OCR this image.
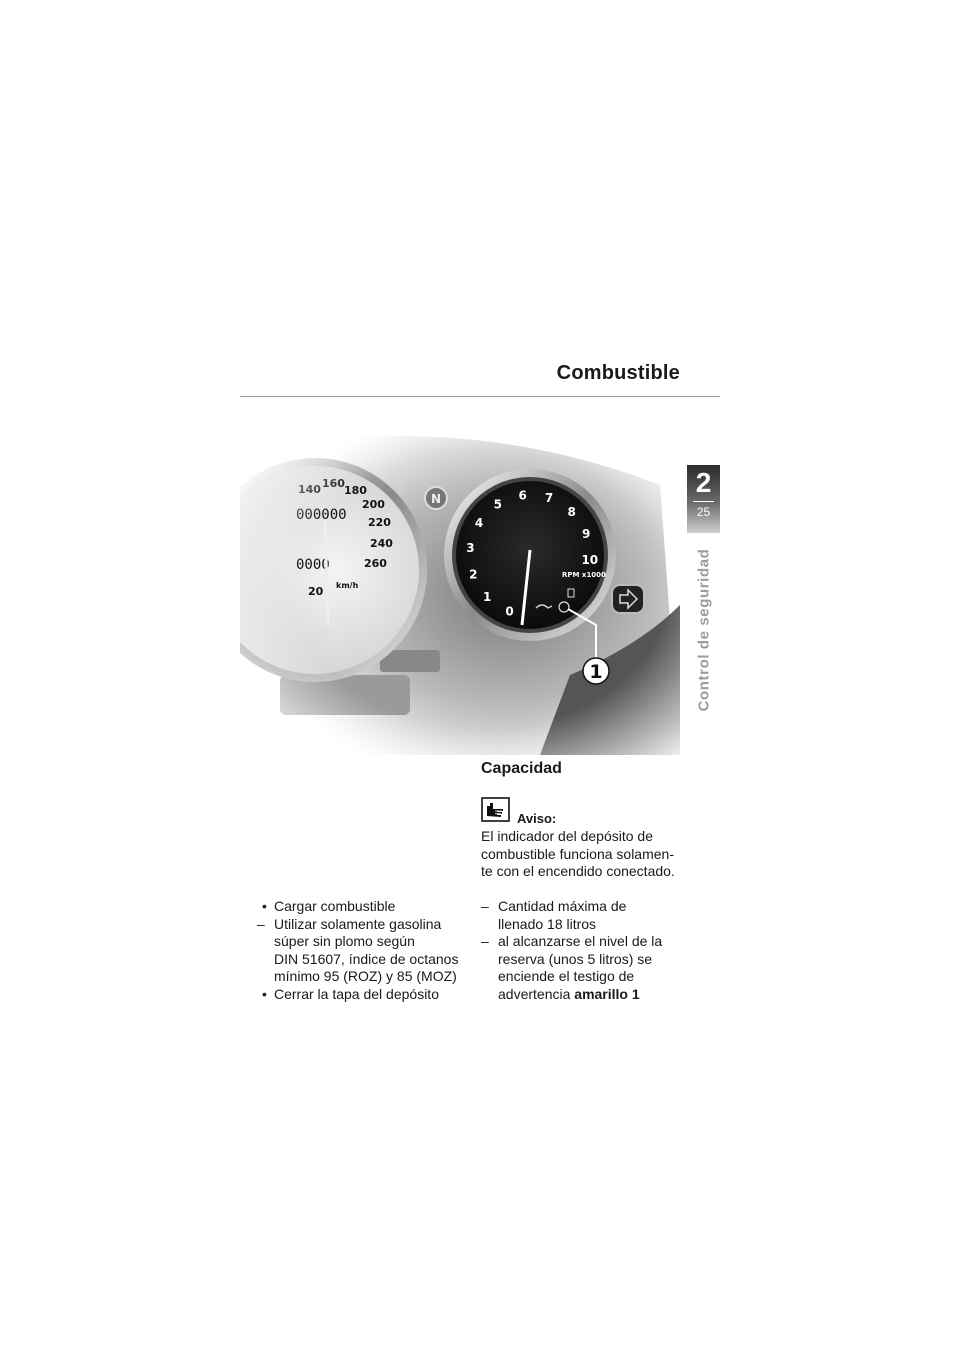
Combustible
2
25
Control de seguridad
1
Capacidad
Aviso:
El indicador del depósito de
combustible funciona solamen-
te con el encendido conectado.
• Cargar combustible
– Utilizar solamente gasolina
súper sin plomo según
DIN 51607, índice de octanos
mínimo 95 (ROZ) y 85 (MOZ)
• Cerrar la tapa del depósito
– Cantidad máxima de
llenado 18 litros
– al alcanzarse el nivel de la
reserva (unos 5 litros) se
enciende el testigo de
advertencia amarillo 1
